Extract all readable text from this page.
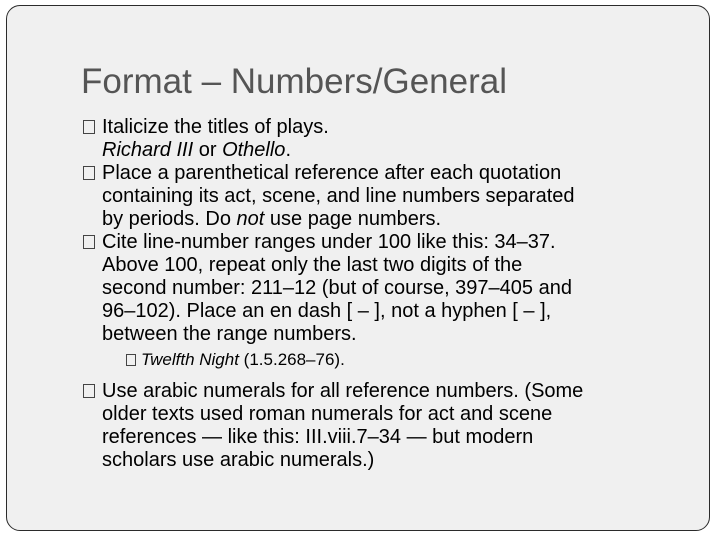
Format – Numbers/General
Italicize the titles of plays.
Richard III or Othello.
Place a parenthetical reference after each quotation
containing its act, scene, and line numbers separated
by periods. Do not use page numbers.
Cite line-number ranges under 100 like this: 34–37.
Above 100, repeat only the last two digits of the
second number: 211–12 (but of course, 397–405 and
96–102). Place an en dash [ – ], not a hyphen [ – ],
between the range numbers.
Twelfth Night (1.5.268–76).
Use arabic numerals for all reference numbers. (Some
older texts used roman numerals for act and scene
references — like this: III.viii.7–34 — but modern
scholars use arabic numerals.)
